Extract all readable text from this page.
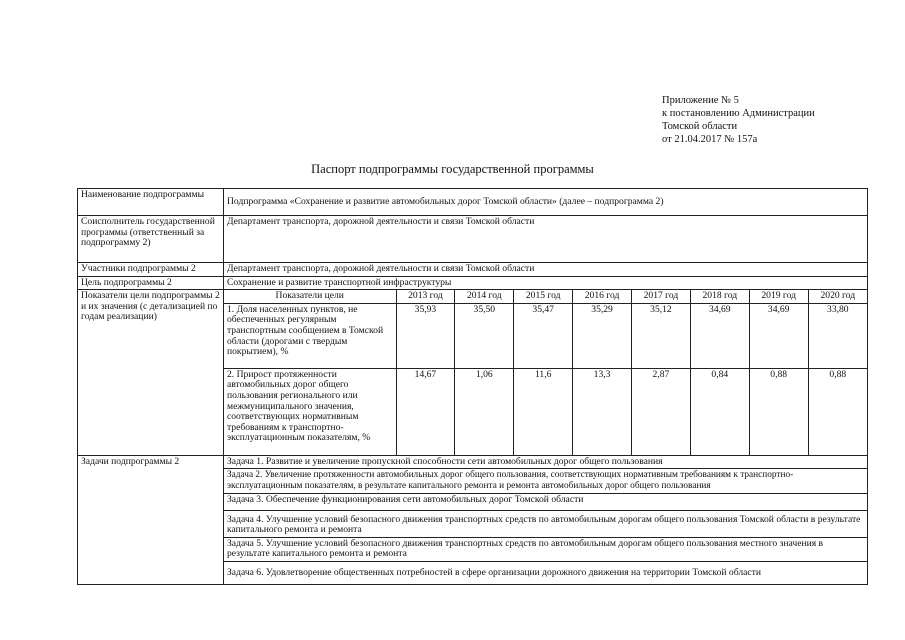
Приложение № 5
к постановлению Администрации
Томской области
от 21.04.2017 № 157а
Паспорт подпрограммы государственной программы
Наименование подпрограммы	Подпрограмма «Сохранение и развитие автомобильных дорог Томской области» (далее – подпрограмма 2)
Соисполнитель государственной программы (ответственный за подпрограмму 2)	Департамент транспорта, дорожной деятельности и связи Томской области
Участники подпрограммы 2	Департамент транспорта, дорожной деятельности и связи Томской области
Цель подпрограммы 2	Сохранение и развитие транспортной инфраструктуры
Показатели цели подпрограммы 2 и их значения (с детализацией по годам реализации)	
Показатели цели	2013 год	2014 год	2015 год	2016 год	2017 год	2018 год	2019 год	2020 год
1. Доля населенных пунктов, не обеспеченных регулярным транспортным сообщением в Томской области (дорогами с твердым покрытием), %	35,93	35,50	35,47	35,29	35,12	34,69	34,69	33,80
2. Прирост протяженности автомобильных дорог общего пользования регионального или межмуниципального значения, соответствующих нормативным требованиям к транспортно-эксплуатационным показателям, %	14,67	1,06	11,6	13,3	2,87	0,84	0,88	0,88

Задачи подпрограммы 2	Задача 1. Развитие и увеличение пропускной способности сети автомобильных дорог общего пользования
Задача 2. Увеличение протяженности автомобильных дорог общего пользования, соответствующих нормативным требованиям к транспортно-эксплуатационным показателям, в результате капитального ремонта и ремонта автомобильных дорог общего пользования
Задача 3. Обеспечение функционирования сети автомобильных дорог Томской области
Задача 4. Улучшение условий безопасного движения транспортных средств по автомобильным дорогам общего пользования Томской области в результате капитального ремонта и ремонта
Задача 5. Улучшение условий безопасного движения транспортных средств по автомобильным дорогам общего пользования местного значения в результате капитального ремонта и ремонта
Задача 6. Удовлетворение общественных потребностей в сфере организации дорожного движения на территории Томской области
